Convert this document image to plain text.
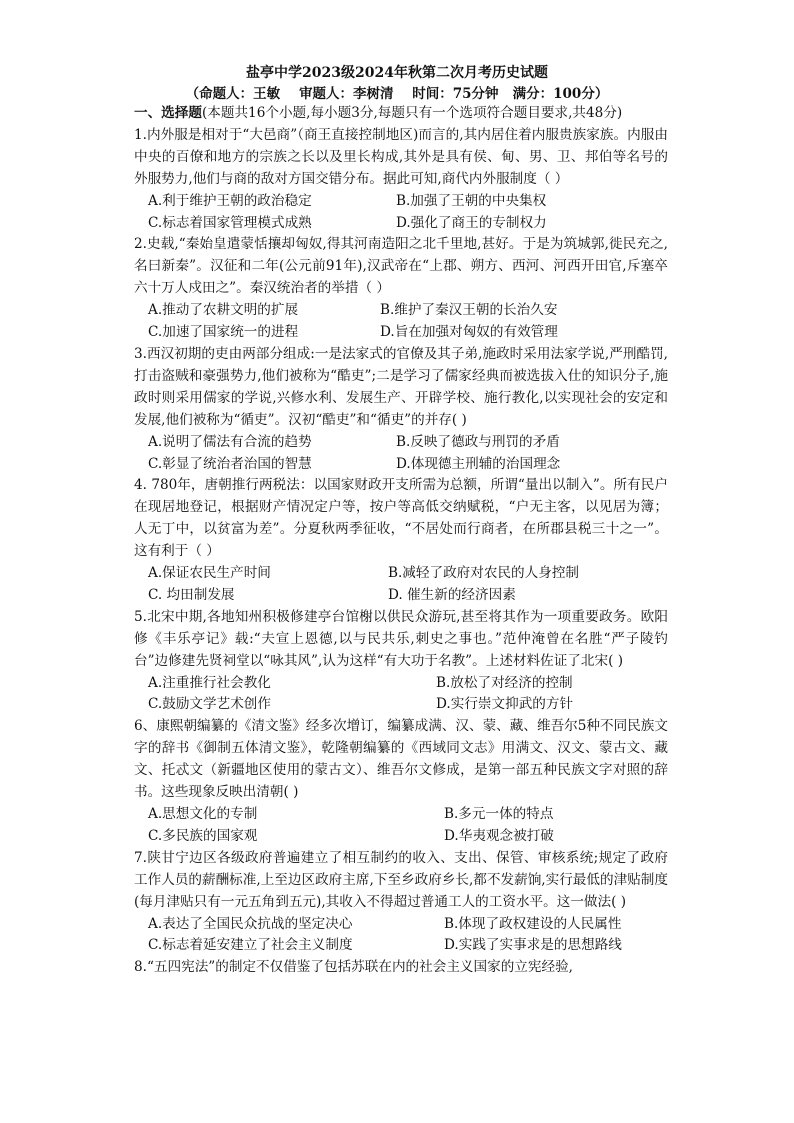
盐亭中学2023级2024年秋第二次月考历史试题
（命题人：王敏    审题人：李树清    时间：75分钟   满分：100分）
一、选择题(本题共16个小题,每小题3分,每题只有一个选项符合题目要求,共48分)
1.内外服是相对于“大邑商”（商王直接控制地区)而言的,其内居住着内服贵族家族。内服由中央的百僚和地方的宗族之长以及里长构成,其外是具有侯、甸、男、卫、邦伯等名号的外服势力,他们与商的敌对方国交错分布。据此可知,商代内外服制度（ ）
A.利于维护王朝的政治稳定	B.加强了王朝的中央集权
C.标志着国家管理模式成熟	D.强化了商王的专制权力
2.史载,“秦始皇遣蒙恬攘却匈奴,得其河南造阳之北千里地,甚好。于是为筑城郭,徙民充之,名曰新秦”。汉征和二年(公元前91年),汉武帝在“上郡、朔方、西河、河西开田官,斥塞卒六十万人戍田之”。秦汉统治者的举措（ ）
A.推动了农耕文明的扩展	B.维护了秦汉王朝的长治久安
C.加速了国家统一的进程	D.旨在加强对匈奴的有效管理
3.西汉初期的吏由两部分组成:一是法家式的官僚及其子弟,施政时采用法家学说,严刑酷罚,打击盗贼和豪强势力,他们被称为“酷吏”;二是学习了儒家经典而被选拔入仕的知识分子,施政时则采用儒家的学说,兴修水利、发展生产、开辟学校、施行教化,以实现社会的安定和发展,他们被称为“循吏”。汉初“酷吏”和“循吏”的并存( )
A.说明了儒法有合流的趋势	B.反映了德政与刑罚的矛盾
C.彰显了统治者治国的智慧	D.体现德主刑辅的治国理念
4. 780年，唐朝推行两税法：以国家财政开支所需为总额，所谓“量出以制入”。所有民户在现居地登记，根据财产情况定户等，按户等高低交纳赋税，“户无主客，以见居为簿；人无丁中，以贫富为差”。分夏秋两季征收，“不居处而行商者，在所郡县税三十之一”。这有利于（ ）
A.保证农民生产时间	B.减轻了政府对农民的人身控制
C. 均田制发展	D. 催生新的经济因素
5.北宋中期,各地知州积极修建亭台馆榭以供民众游玩,甚至将其作为一项重要政务。欧阳修《丰乐亭记》载:“夫宣上恩德,以与民共乐,刺史之事也。”范仲淹曾在名胜“严子陵钓台”边修建先贤祠堂以“咏其风”,认为这样“有大功于名教”。上述材料佐证了北宋( )
A.注重推行社会教化	B.放松了对经济的控制
C.鼓励文学艺术创作	D.实行崇文抑武的方针
6、康熙朝编纂的《清文鉴》经多次增订，编纂成满、汉、蒙、藏、维吾尔5种不同民族文字的辞书《御制五体清文鉴》，乾隆朝编纂的《西域同文志》用满文、汉文、蒙古文、藏文、托忒文（新疆地区使用的蒙古文）、维吾尔文修成，是第一部五种民族文字对照的辞书。这些现象反映出清朝( )
A.思想文化的专制	B.多元一体的特点
C.多民族的国家观	D.华夷观念被打破
7.陕甘宁边区各级政府普遍建立了相互制约的收入、支出、保管、审核系统;规定了政府工作人员的薪酬标准,上至边区政府主席,下至乡政府乡长,都不发薪饷,实行最低的津贴制度(每月津贴只有一元五角到五元),其收入不得超过普通工人的工资水平。这一做法( )
A.表达了全国民众抗战的坚定决心	B.体现了政权建设的人民属性
C.标志着延安建立了社会主义制度	D.实践了实事求是的思想路线
8.“五四宪法”的制定不仅借鉴了包括苏联在内的社会主义国家的立宪经验,
